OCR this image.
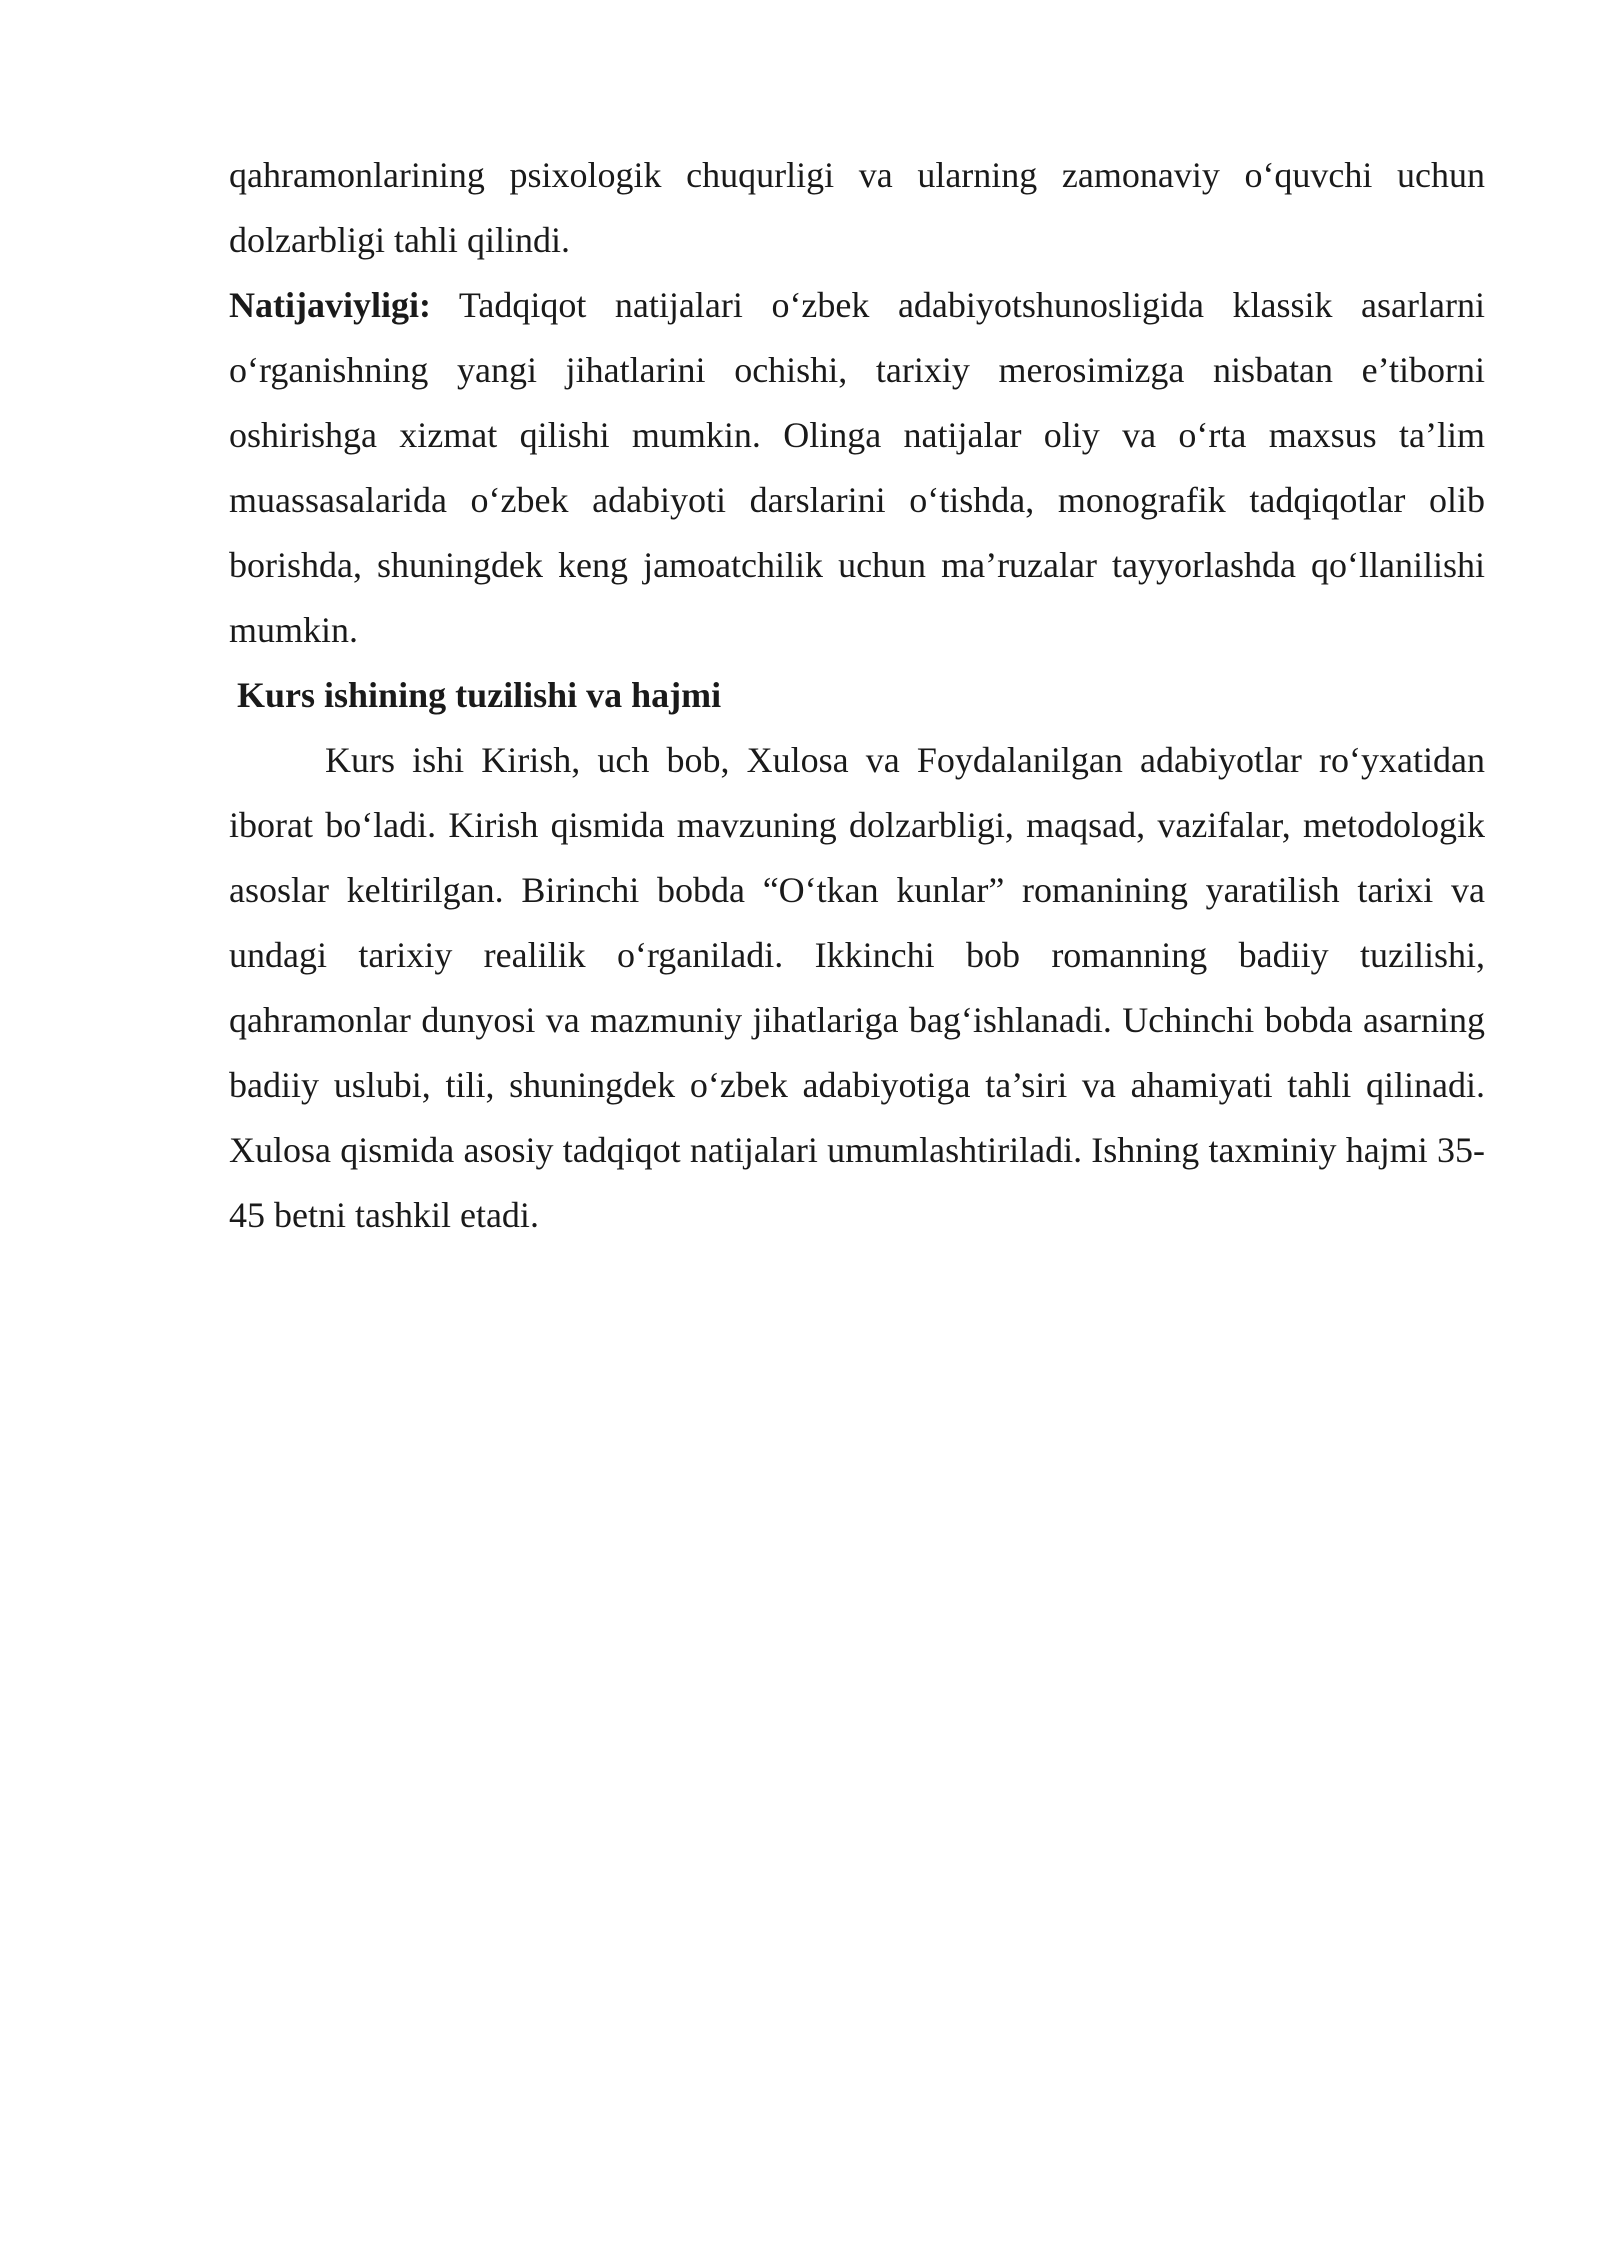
qahramonlarining psixologik chuqurligi va ularning zamonaviy o‘quvchi uchun dolzarbligi tahli qilindi.

Natijaviyligi: Tadqiqot natijalari o‘zbek adabiyotshunosligida klassik asarlarni o‘rganishning yangi jihatlarini ochishi, tarixiy merosimizga nisbatan e’tiborni oshirishga xizmat qilishi mumkin. Olinga natijalar oliy va o‘rta maxsus ta’lim muassasalarida o‘zbek adabiyoti darslarini o‘tishda, monografik tadqiqotlar olib borishda, shuningdek keng jamoatchilik uchun ma’ruzalar tayyorlashda qo‘llanilishi mumkin.

Kurs ishining tuzilishi va hajmi

Kurs ishi Kirish, uch bob, Xulosa va Foydalanilgan adabiyotlar ro‘yxatidan iborat bo‘ladi. Kirish qismida mavzuning dolzarbligi, maqsad, vazifalar, metodologik asoslar keltirilgan. Birinchi bobda “O‘tkan kunlar” romanining yaratilish tarixi va undagi tarixiy realilik o‘rganiladi. Ikkinchi bob romanning badiiy tuzilishi, qahramonlar dunyosi va mazmuniy jihatlariga bag‘ishlanadi. Uchinchi bobda asarning badiiy uslubi, tili, shuningdek o‘zbek adabiyotiga ta’siri va ahamiyati tahli qilinadi. Xulosa qismida asosiy tadqiqot natijalari umumlashtiriladi. Ishning taxminiy hajmi 35-45 betni tashkil etadi.
